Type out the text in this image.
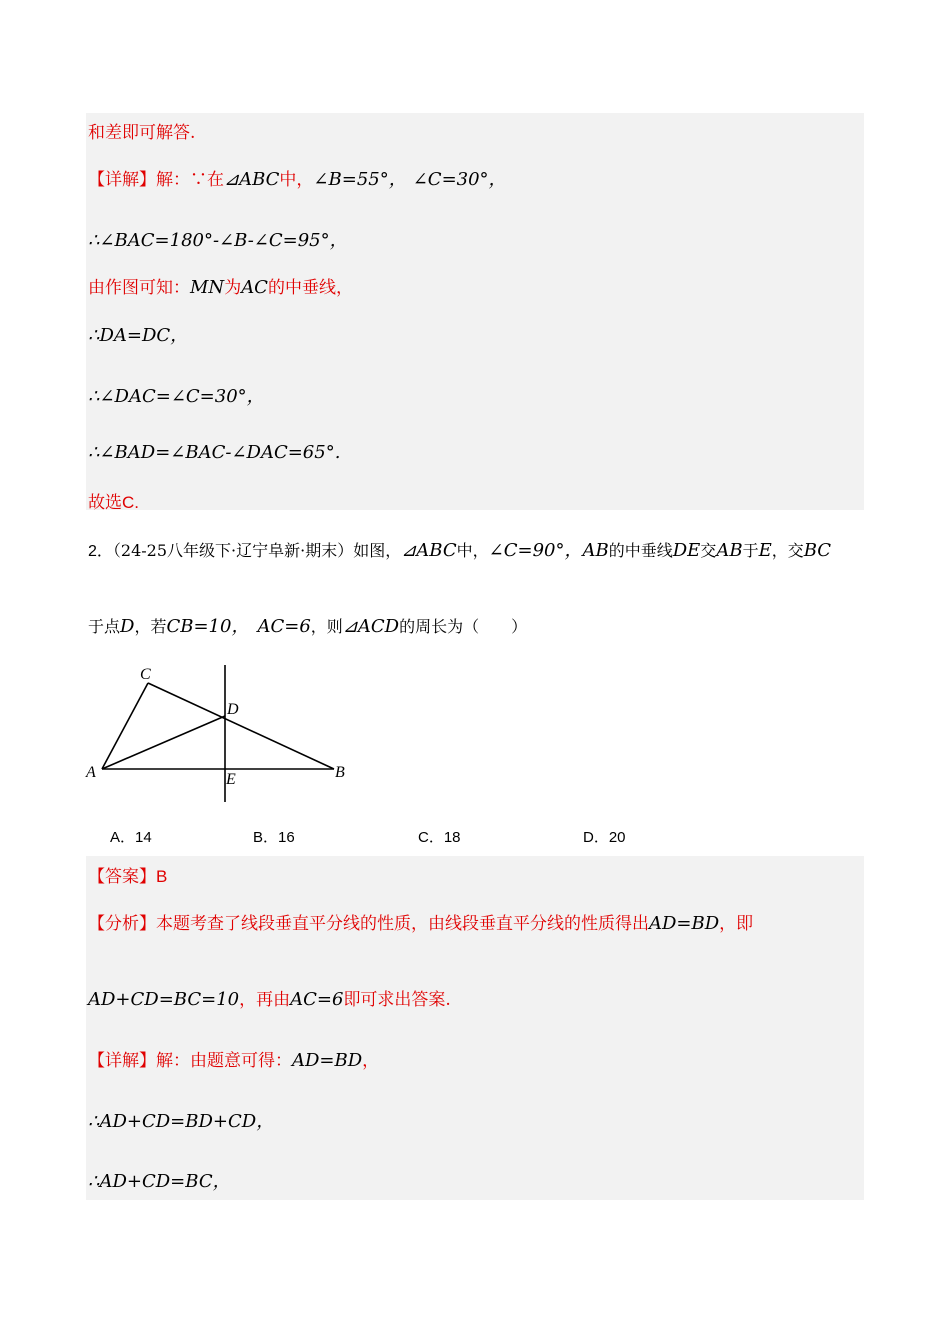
和差即可解答.
【详解】解：∵在⊿ABC中，∠B=55°， ∠C=30°，
∴∠BAC=180°-∠B-∠C=95°，
由作图可知：MN为AC的中垂线，
∴DA=DC，
∴∠DAC=∠C=30°，
∴∠BAD=∠BAC-∠DAC=65°.
故选C.
2．（24-25八年级下·辽宁阜新·期末）如图，⊿ABC中，∠C=90°，AB的中垂线DE交AB于E，交BC
于点D，若CB=10， AC=6，则⊿ACD的周长为（　　）
C
D
A	B
E
A．14	B．16	C．18	D．20
【答案】B
【分析】本题考查了线段垂直平分线的性质，由线段垂直平分线的性质得出AD=BD，即
AD+CD=BC=10，再由AC=6即可求出答案.
【详解】解：由题意可得：AD=BD，
∴AD+CD=BD+CD，
∴AD+CD=BC，
